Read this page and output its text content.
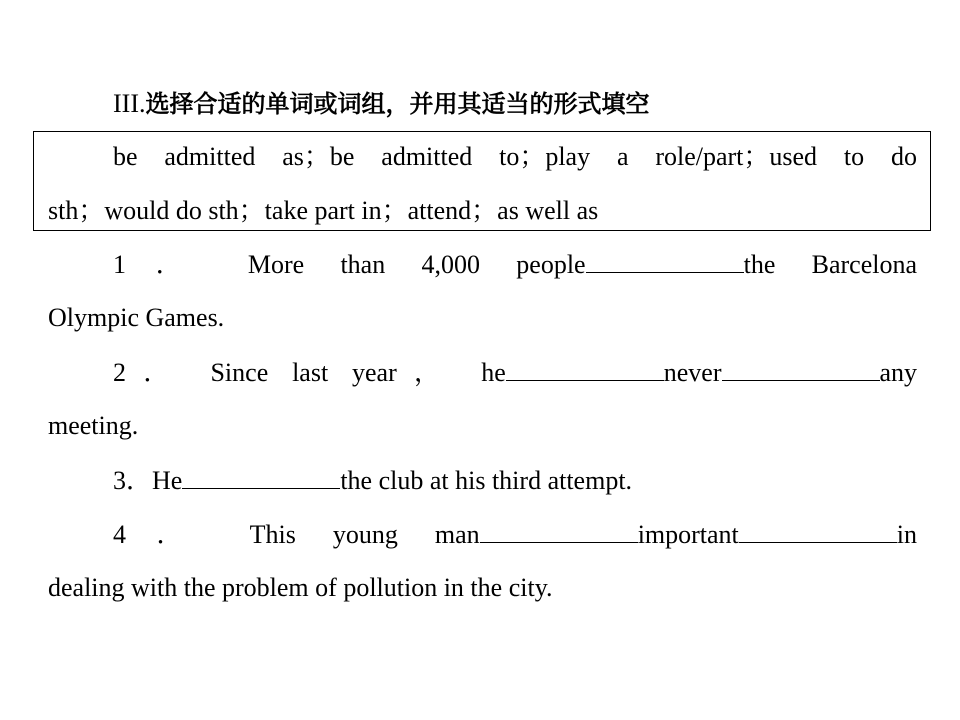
III.选择合适的单词或词组，并用其适当的形式填空
be admitted as；be admitted to；play a role/part；used to do
sth；would do sth；take part in；attend；as well as
1． More than 4,000 people	the Barcelona
Olympic Games.
2． Since last year， he	never	any
meeting.
3．He	the club at his third attempt.
4． This young man	important	in
dealing with the problem of pollution in the city.
